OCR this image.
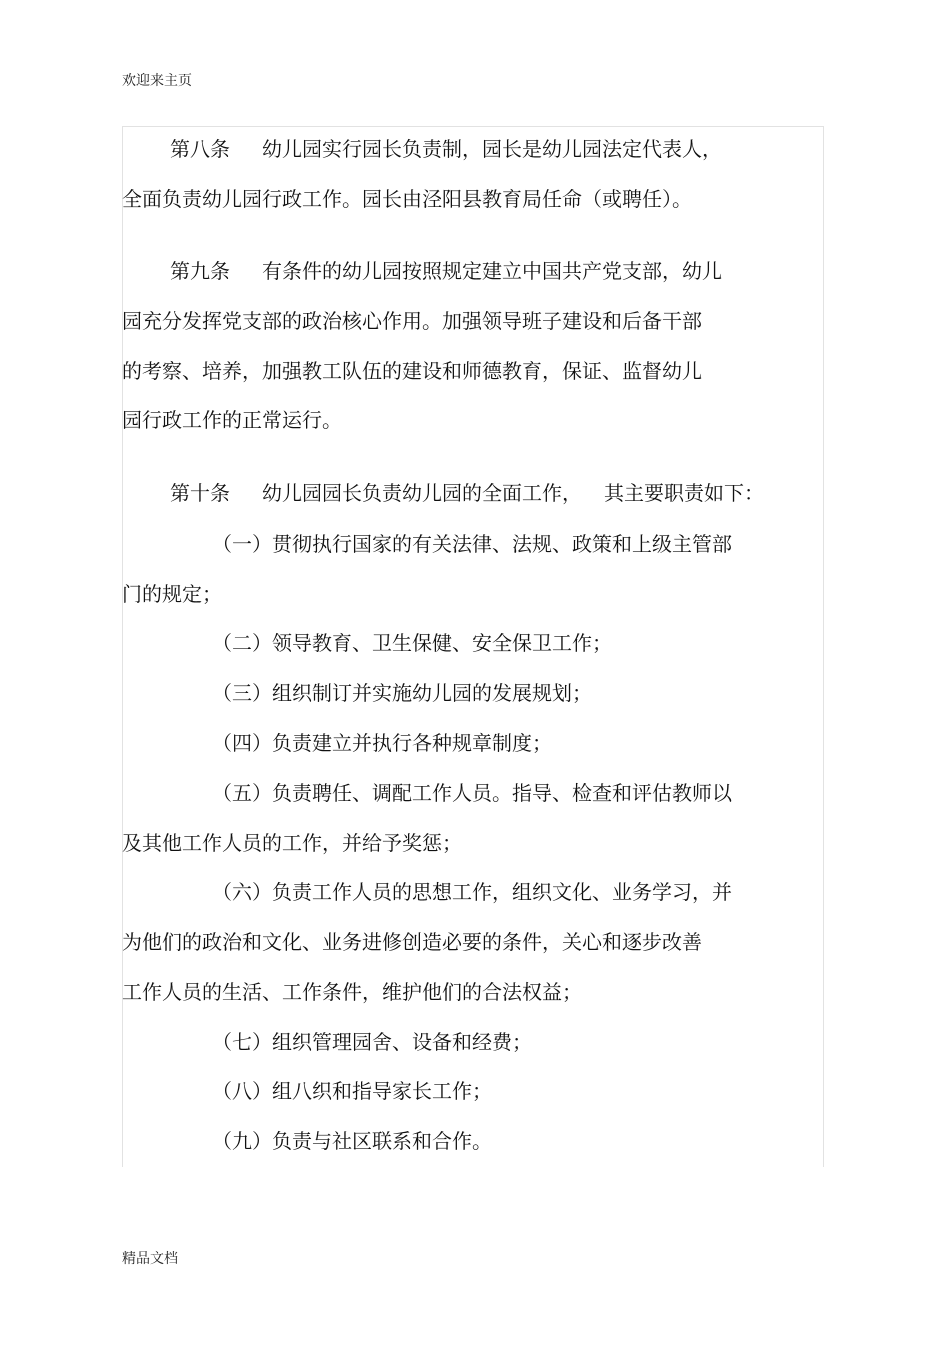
欢迎来主页
第八条 幼儿园实行园长负责制，园长是幼儿园法定代表人，
全面负责幼儿园行政工作。园长由泾阳县教育局任命（或聘任）。
第九条 有条件的幼儿园按照规定建立中国共产党支部，幼儿
园充分发挥党支部的政治核心作用。加强领导班子建设和后备干部
的考察、培养，加强教工队伍的建设和师德教育，保证、监督幼儿
园行政工作的正常运行。
第十条 幼儿园园长负责幼儿园的全面工作， 其主要职责如下：
（一）贯彻执行国家的有关法律、法规、政策和上级主管部
门的规定；
（二）领导教育、卫生保健、安全保卫工作；
（三）组织制订并实施幼儿园的发展规划；
（四）负责建立并执行各种规章制度；
（五）负责聘任、调配工作人员。指导、检查和评估教师以
及其他工作人员的工作，并给予奖惩；
（六）负责工作人员的思想工作，组织文化、业务学习，并
为他们的政治和文化、业务进修创造必要的条件，关心和逐步改善
工作人员的生活、工作条件，维护他们的合法权益；
（七）组织管理园舍、设备和经费；
（八）组八织和指导家长工作；
（九）负责与社区联系和合作。
精品文档
